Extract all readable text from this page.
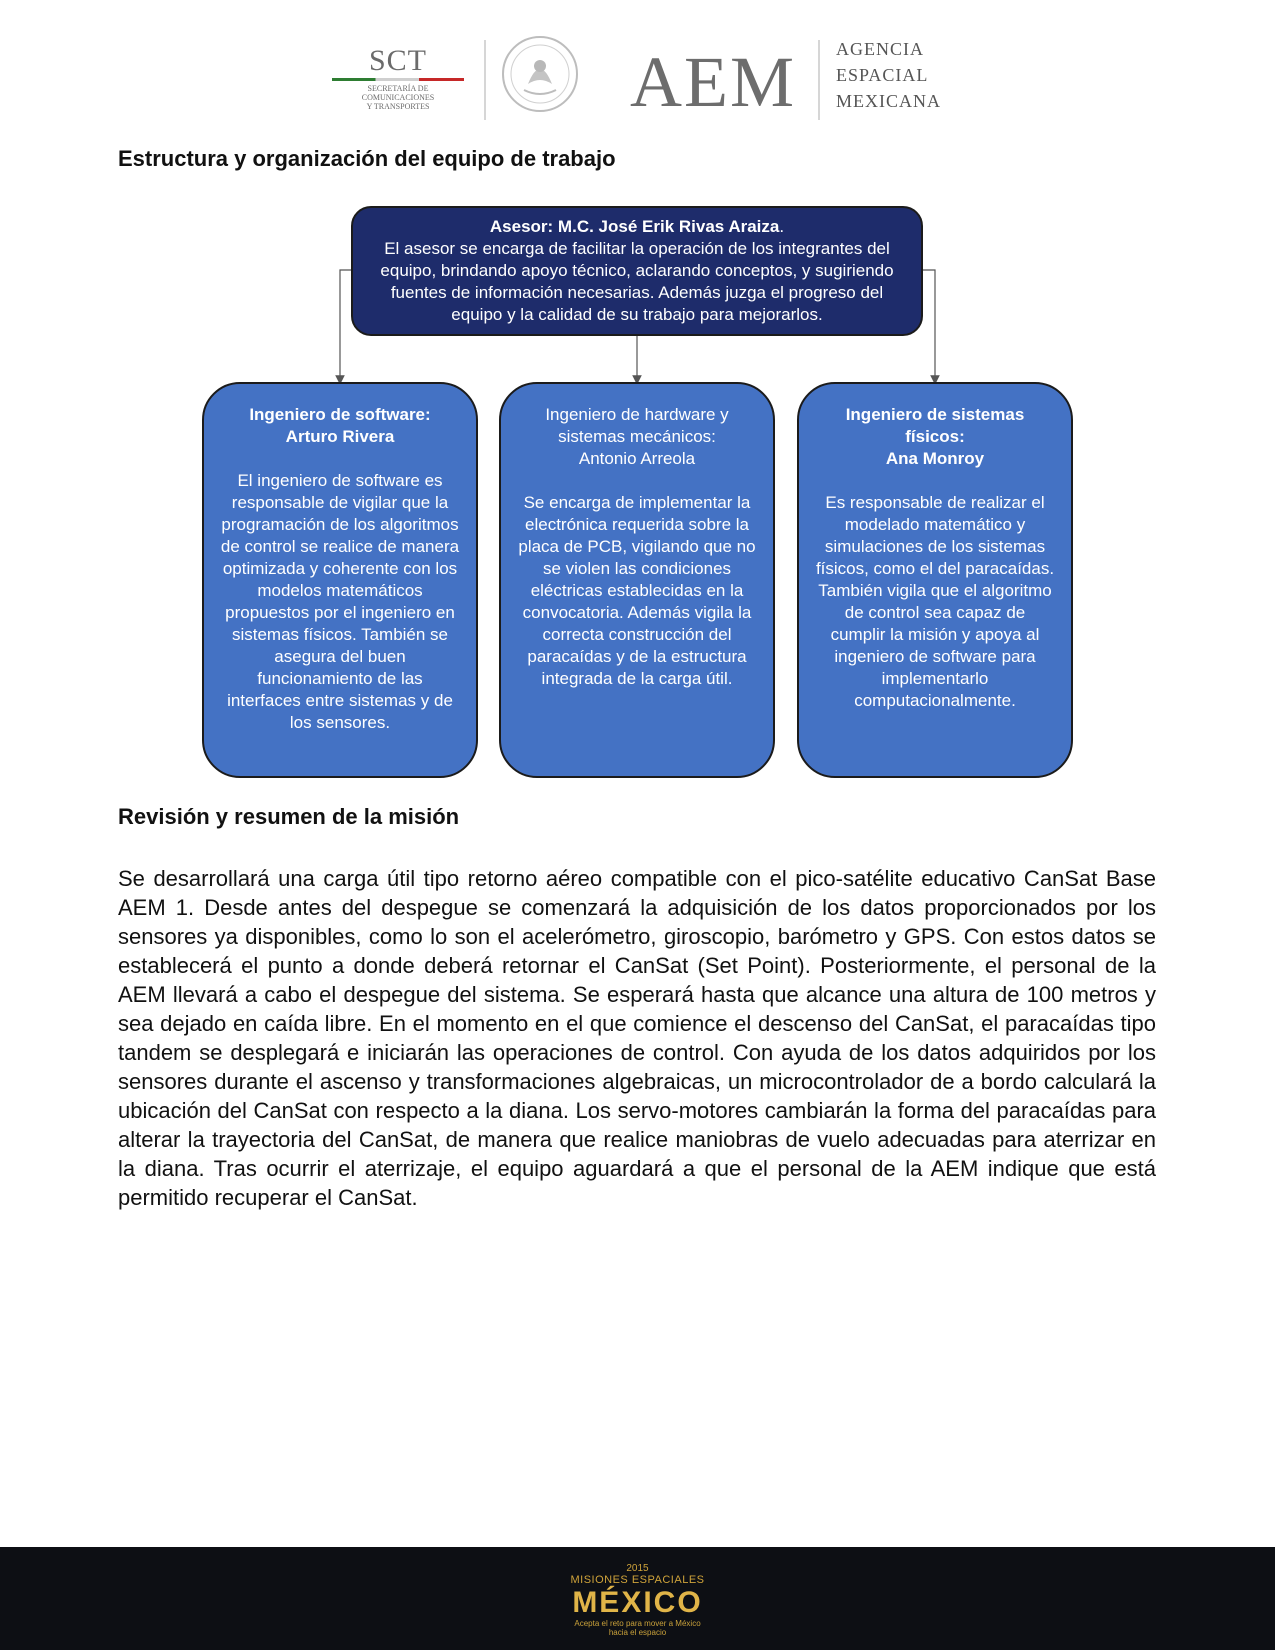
SCT
SECRETARÍA DE
COMUNICACIONES
Y TRANSPORTES	AEM AGENCIA
ESPACIAL
MEXICANA
Estructura y organización del equipo de trabajo
Asesor: M.C. José Erik Rivas Araiza.
El asesor se encarga de facilitar la operación de los integrantes del equipo, brindando apoyo técnico, aclarando conceptos, y sugiriendo fuentes de información necesarias. Además juzga el progreso del equipo y la calidad de su trabajo para mejorarlos.
Ingeniero de software:
Arturo Rivera
El ingeniero de software es responsable de vigilar que la programación de los algoritmos de control se realice de manera optimizada y coherente con los modelos matemáticos propuestos por el ingeniero en sistemas físicos. También se asegura del buen funcionamiento de las interfaces entre sistemas y de los sensores.
Ingeniero de hardware y sistemas mecánicos:
Antonio Arreola
Se encarga de implementar la electrónica requerida sobre la placa de PCB, vigilando que no se violen las condiciones eléctricas establecidas en la convocatoria. Además vigila la correcta construcción del paracaídas y de la estructura integrada de la carga útil.
Ingeniero de sistemas físicos:
Ana Monroy
Es responsable de realizar el modelado matemático y simulaciones de los sistemas físicos, como el del paracaídas. También vigila que el algoritmo de control sea capaz de cumplir la misión y apoya al ingeniero de software para implementarlo computacionalmente.
Revisión y resumen de la misión

Se desarrollará una carga útil tipo retorno aéreo compatible con el pico-satélite educativo CanSat Base AEM 1. Desde antes del despegue se comenzará la adquisición de los datos proporcionados por los sensores ya disponibles, como lo son el acelerómetro, giroscopio, barómetro y GPS. Con estos datos se establecerá el punto a donde deberá retornar el CanSat (Set Point). Posteriormente, el personal de la AEM llevará a cabo el despegue del sistema. Se esperará hasta que alcance una altura de 100 metros y sea dejado en caída libre. En el momento en el que comience el descenso del CanSat, el paracaídas tipo tandem se desplegará e iniciarán las operaciones de control. Con ayuda de los datos adquiridos por los sensores durante el ascenso y transformaciones algebraicas, un microcontrolador de a bordo calculará la ubicación del CanSat con respecto a la diana. Los servo-motores cambiarán la forma del paracaídas para alterar la trayectoria del CanSat, de manera que realice maniobras de vuelo adecuadas para aterrizar en la diana. Tras ocurrir el aterrizaje, el equipo aguardará a que el personal de la AEM indique que está permitido recuperar el CanSat.

2015
MISIONES ESPACIALES
MÉXICO
Acepta el reto para mover a México
hacia el espacio
